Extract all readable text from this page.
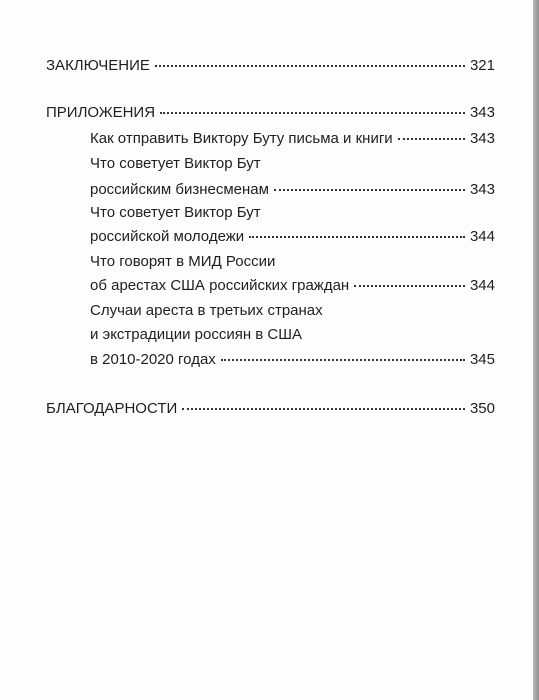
ЗАКЛЮЧЕНИЕ	321
ПРИЛОЖЕНИЯ	343
Как отправить Виктору Буту письма и книги	343
Что советует Виктор Бут
российским бизнесменам	343
Что советует Виктор Бут
российской молодежи	344
Что говорят в МИД России
об арестах США российских граждан	344
Случаи ареста в третьих странах
и экстрадиции россиян в США
в 2010-2020 годах	345
БЛАГОДАРНОСТИ	350
